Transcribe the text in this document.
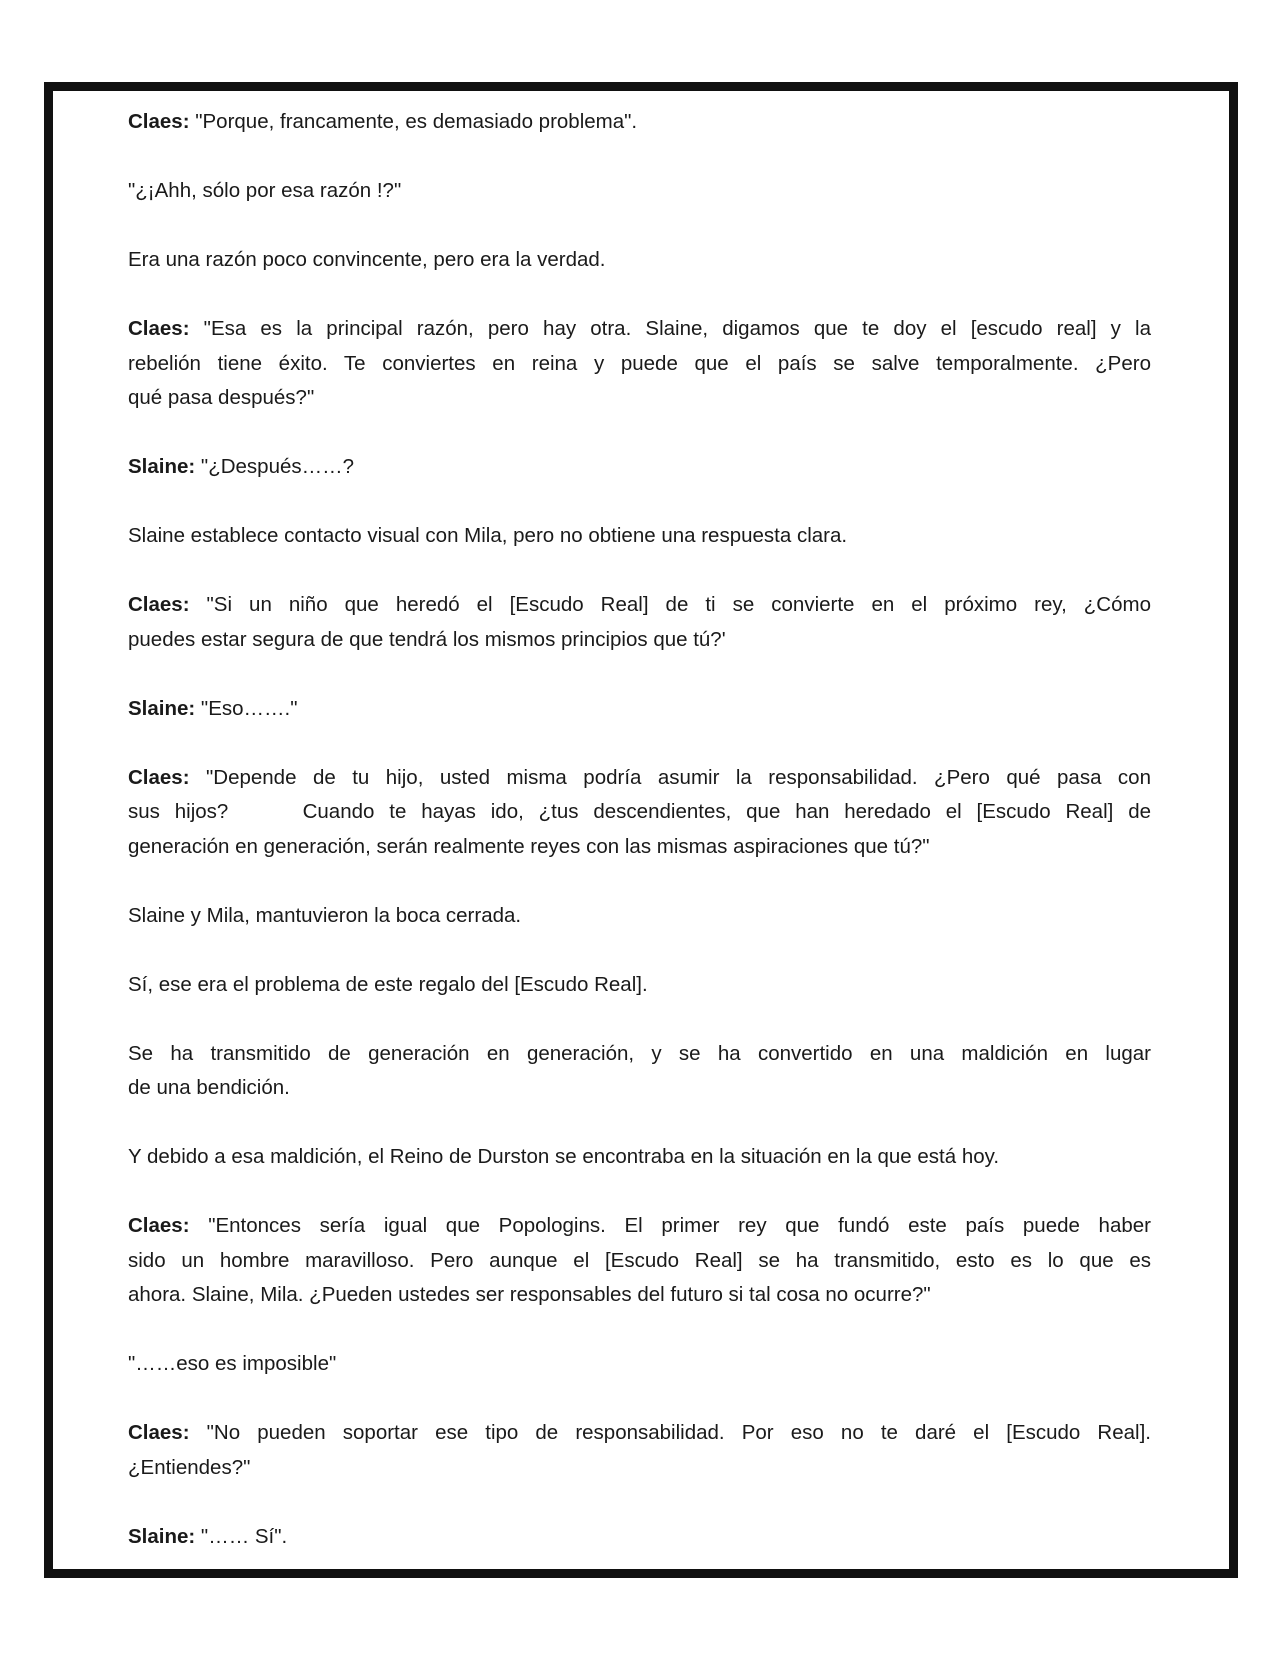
Claes: "Porque, francamente, es demasiado problema".
"¿¡Ahh, sólo por esa razón !?"
Era una razón poco convincente, pero era la verdad.
Claes: "Esa es la principal razón, pero hay otra. Slaine, digamos que te doy el [escudo real] y la
rebelión tiene éxito. Te conviertes en reina y puede que el país se salve temporalmente. ¿Pero
qué pasa después?"
Slaine: "¿Después……?
Slaine establece contacto visual con Mila, pero no obtiene una respuesta clara.
Claes: "Si un niño que heredó el [Escudo Real] de ti se convierte en el próximo rey, ¿Cómo
puedes estar segura de que tendrá los mismos principios que tú?'
Slaine: "Eso……."
Claes: "Depende de tu hijo, usted misma podría asumir la responsabilidad. ¿Pero qué pasa con
sus hijos?     Cuando te hayas ido, ¿tus descendientes, que han heredado el [Escudo Real] de
generación en generación, serán realmente reyes con las mismas aspiraciones que tú?"
Slaine y Mila, mantuvieron la boca cerrada.
Sí, ese era el problema de este regalo del [Escudo Real].
Se ha transmitido de generación en generación, y se ha convertido en una maldición en lugar
de una bendición.
Y debido a esa maldición, el Reino de Durston se encontraba en la situación en la que está hoy.
Claes: "Entonces sería igual que Popologins. El primer rey que fundó este país puede haber
sido un hombre maravilloso. Pero aunque el [Escudo Real] se ha transmitido, esto es lo que es
ahora. Slaine, Mila. ¿Pueden ustedes ser responsables del futuro si tal cosa no ocurre?"
"……eso es imposible"
Claes: "No pueden soportar ese tipo de responsabilidad. Por eso no te daré el [Escudo Real].
¿Entiendes?"
Slaine: "…… Sí".
